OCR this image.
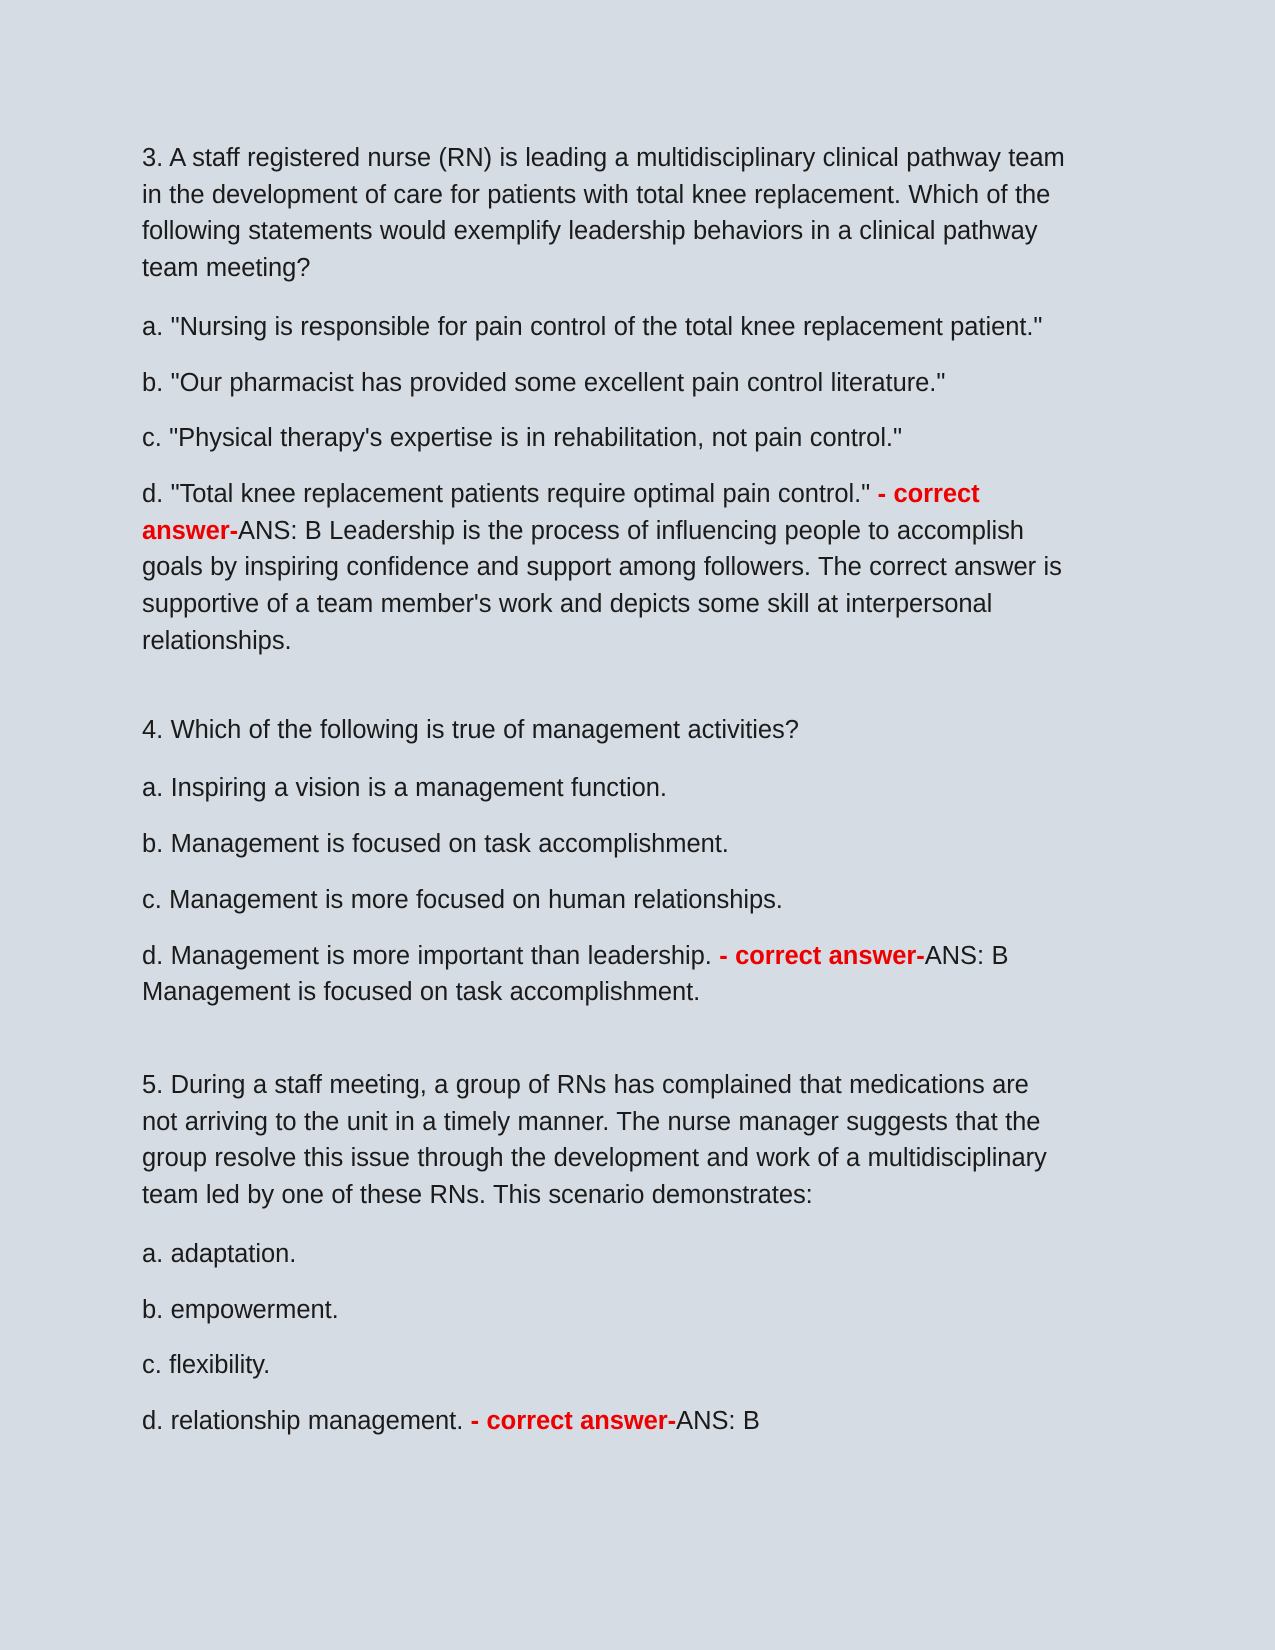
3. A staff registered nurse (RN) is leading a multidisciplinary clinical pathway team in the development of care for patients with total knee replacement. Which of the following statements would exemplify leadership behaviors in a clinical pathway team meeting?

a. "Nursing is responsible for pain control of the total knee replacement patient."

b. "Our pharmacist has provided some excellent pain control literature."

c. "Physical therapy's expertise is in rehabilitation, not pain control."

d. "Total knee replacement patients require optimal pain control." - correct answer-ANS: B Leadership is the process of influencing people to accomplish goals by inspiring confidence and support among followers. The correct answer is supportive of a team member's work and depicts some skill at interpersonal relationships.

4. Which of the following is true of management activities?

a. Inspiring a vision is a management function.

b. Management is focused on task accomplishment.

c. Management is more focused on human relationships.

d. Management is more important than leadership. - correct answer-ANS: B Management is focused on task accomplishment.

5. During a staff meeting, a group of RNs has complained that medications are not arriving to the unit in a timely manner. The nurse manager suggests that the group resolve this issue through the development and work of a multidisciplinary team led by one of these RNs. This scenario demonstrates:

a. adaptation.

b. empowerment.

c. flexibility.

d. relationship management. - correct answer-ANS: B
